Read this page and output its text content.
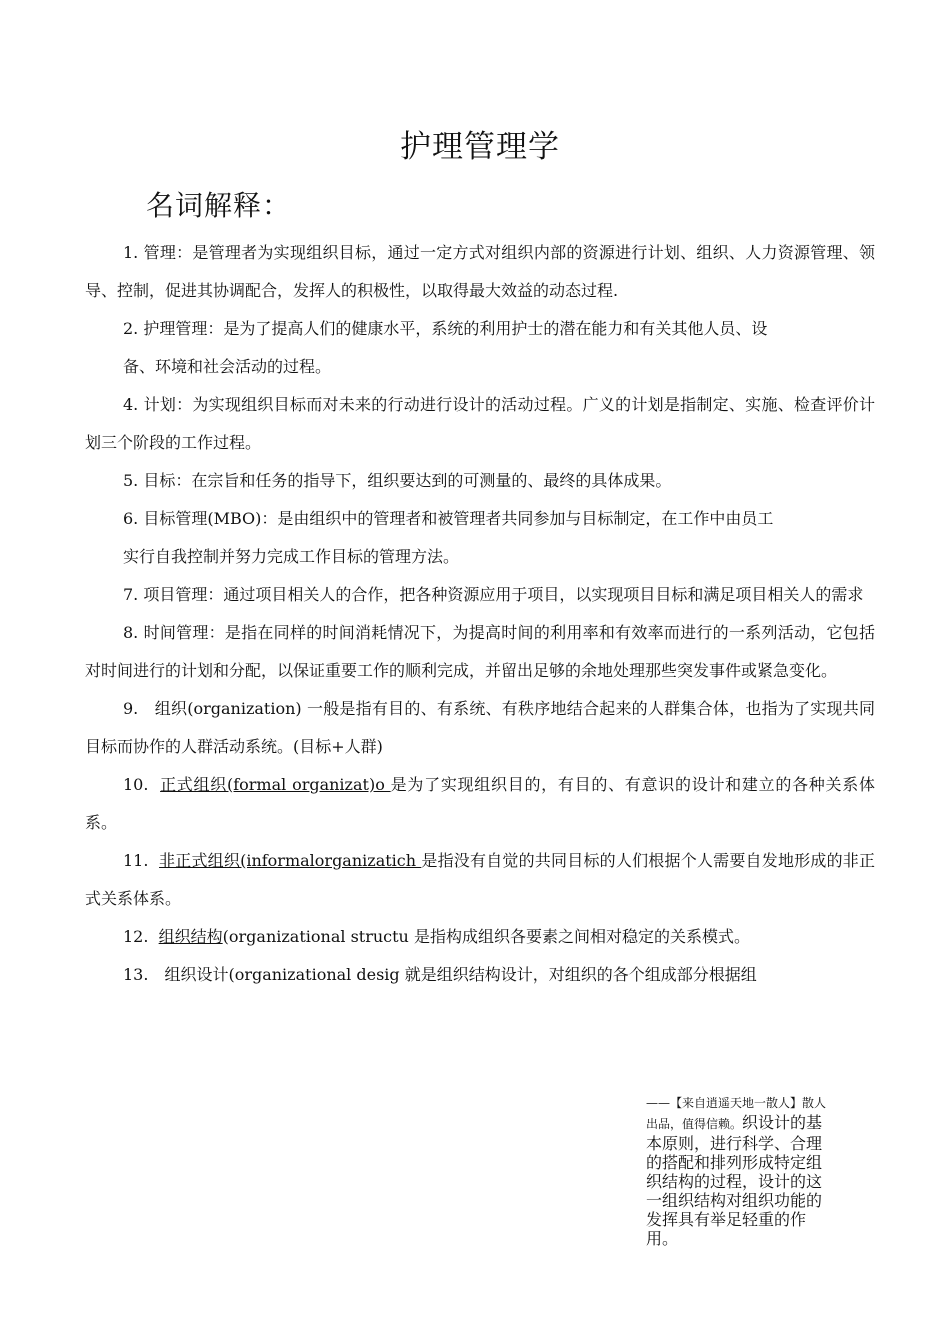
护理管理学
名词解释：

1. 管理：是管理者为实现组织目标，通过一定方式对组织内部的资源进行计划、组织、人力资源管理、领导、控制，促进其协调配合，发挥人的积极性，以取得最大效益的动态过程.

2. 护理管理：是为了提高人们的健康水平，系统的利用护士的潜在能力和有关其他人员、设

备、环境和社会活动的过程。

4. 计划：为实现组织目标而对未来的行动进行设计的活动过程。广义的计划是指制定、实施、检查评价计划三个阶段的工作过程。

5. 目标：在宗旨和任务的指导下，组织要达到的可测量的、最终的具体成果。

6. 目标管理(MBO)：是由组织中的管理者和被管理者共同参加与目标制定，在工作中由员工

实行自我控制并努力完成工作目标的管理方法。

7. 项目管理：通过项目相关人的合作，把各种资源应用于项目，以实现项目目标和满足项目相关人的需求

8. 时间管理：是指在同样的时间消耗情况下，为提高时间的利用率和有效率而进行的一系列活动，它包括对时间进行的计划和分配，以保证重要工作的顺利完成，并留出足够的余地处理那些突发事件或紧急变化。

9.　组织(organization) 一般是指有目的、有系统、有秩序地结合起来的人群集合体，也指为了实现共同目标而协作的人群活动系统。(目标+人群)

10. 正式组织(formal organizat)o 是为了实现组织目的，有目的、有意识的设计和建立的各种关系体系。

11. 非正式组织(informalorganizatich 是指没有自觉的共同目标的人们根据个人需要自发地形成的非正式关系体系。

12. 组织结构(organizational structu 是指构成组织各要素之间相对稳定的关系模式。

13.　组织设计(organizational desig 就是组织结构设计，对组织的各个组成部分根据组

——【来自逍遥天地一散人】散人出品，值得信赖。织设计的基本原则，进行科学、合理的搭配和排列形成特定组织结构的过程，设计的这一组织结构对组织功能的发挥具有举足轻重的作用。
